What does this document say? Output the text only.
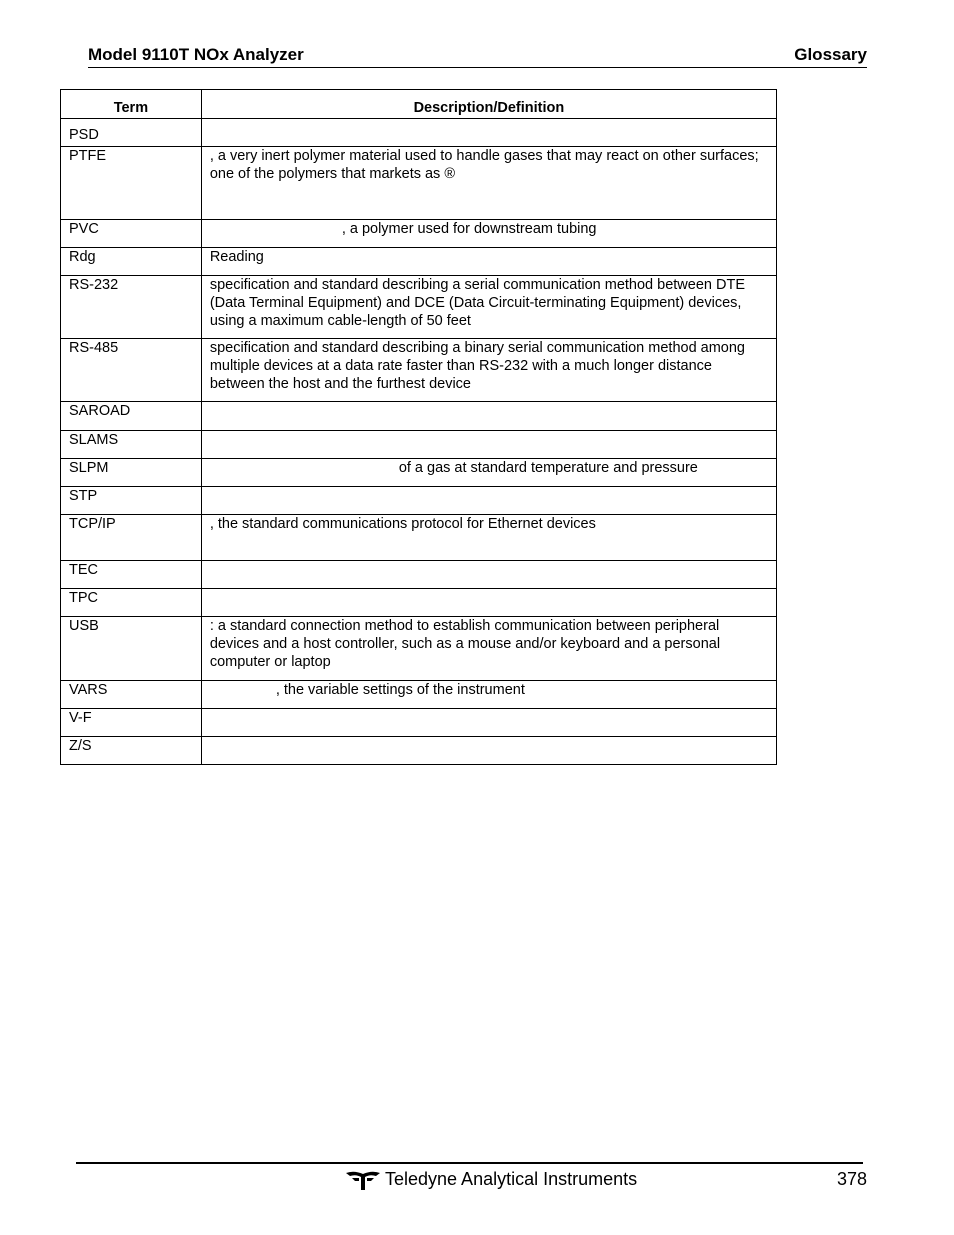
Model 9110T NOx Analyzer	Glossary
Term	Description/Definition
PSD	
PTFE	, a very inert polymer material used to handle gases that may react on other surfaces; one of the polymers that markets as ®
PVC	, a polymer used for downstream tubing
Rdg	Reading
RS-232	specification and standard describing a serial communication method between DTE (Data Terminal Equipment) and DCE (Data Circuit-terminating Equipment) devices, using a maximum cable-length of 50 feet
RS-485	specification and standard describing a binary serial communication method among multiple devices at a data rate faster than RS-232 with a much longer distance between the host and the furthest device
SAROAD	
SLAMS	
SLPM	of a gas at standard temperature and pressure
STP	
TCP/IP	, the standard communications protocol for Ethernet devices
TEC	
TPC	
USB	: a standard connection method to establish communication between peripheral devices and a host controller, such as a mouse and/or keyboard and a personal computer or laptop
VARS	, the variable settings of the instrument
V-F	
Z/S	
Teledyne Analytical Instruments	378
